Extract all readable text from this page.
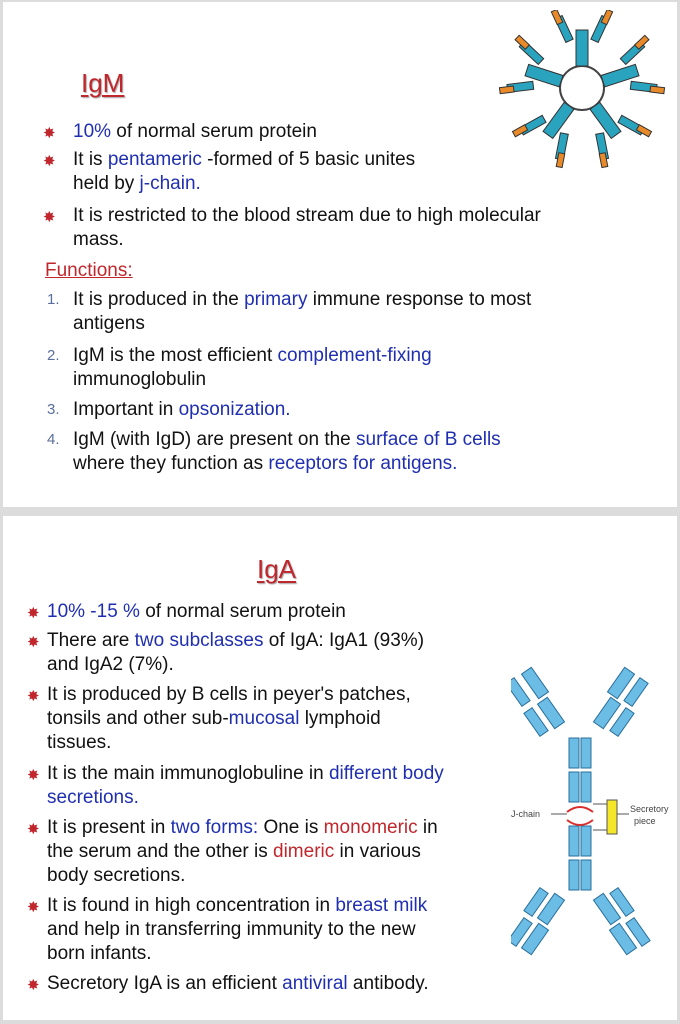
IgM
✸ 10% of normal serum protein
✸ It is pentameric -formed of 5 basic unites
held by j-chain.
✸ It is restricted to the blood stream due to high molecular
mass.
Functions:
1. It is produced in the primary immune response to most
antigens
2. IgM is the most efficient complement-fixing
immunoglobulin
3. Important in opsonization.
4. IgM (with IgD) are present on the surface of B cells
where they function as receptors for antigens.
IgA
✸ 10% -15 % of normal serum protein
✸ There are two subclasses of IgA: IgA1 (93%)
and IgA2 (7%).
✸ It is produced by B cells in peyer's patches,
tonsils and other sub-mucosal lymphoid
tissues.
✸ It is the main immunoglobuline in different body
secretions.
✸ It is present in two forms: One is monomeric in
the serum and the other is dimeric in various
body secretions.
✸ It is found in high concentration in breast milk
and help in transferring immunity to the new
born infants.
✸ Secretory IgA is an efficient antiviral antibody.
J-chain	Secretory
piece
